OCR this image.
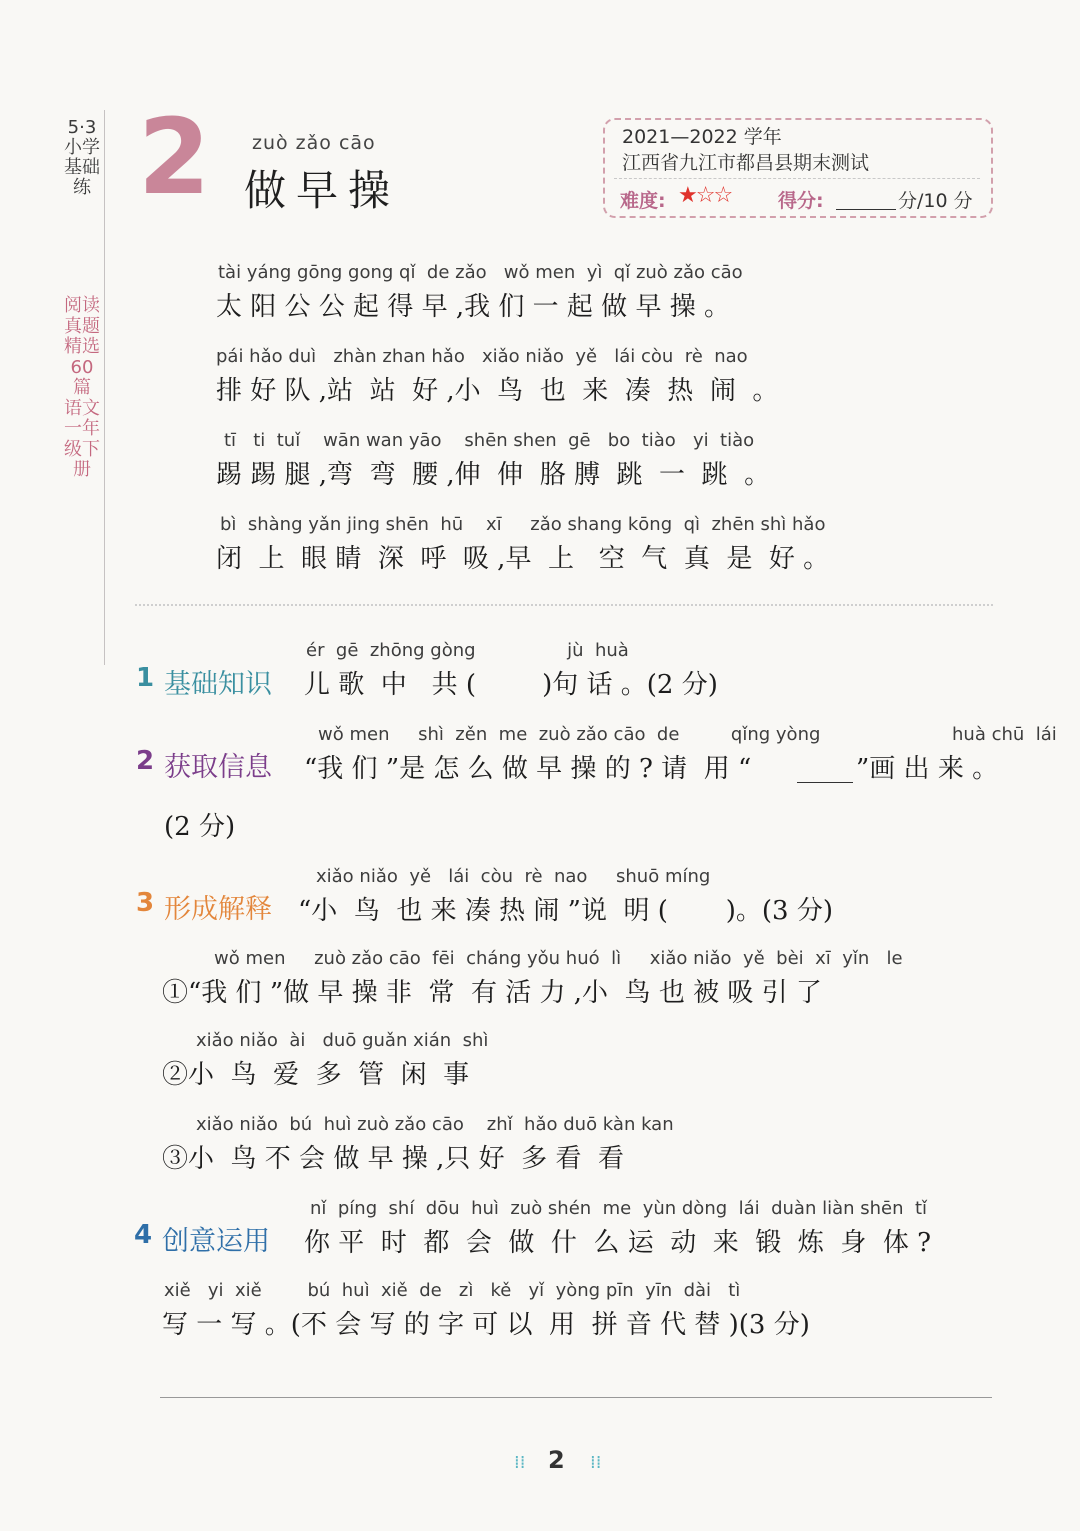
5·3小学基础练
阅读真题精选60篇 语文 一年级下册
2 zuò zǎo cāo
做早操
2021—2022 学年
江西省九江市都昌县期末测试
难度: ★☆☆ 得分:	分/10 分
tài yáng gōng gong qǐ  de zǎo   wǒ men  yì  qǐ zuò zǎo cāo
太 阳 公 公 起 得 早 ,我 们 一 起 做 早 操 。
pái hǎo duì   zhàn zhan hǎo   xiǎo niǎo  yě   lái còu  rè  nao
排 好 队 ,站  站  好 ,小  鸟  也  来  凑  热  闹  。
tī   ti  tuǐ    wān wan yāo    shēn shen  gē   bo  tiào   yi  tiào
踢 踢 腿 ,弯  弯  腰 ,伸  伸  胳 膊  跳  一  跳  。
bì  shàng yǎn jing shēn  hū    xī     zǎo shang kōng  qì  zhēn shì hǎo
闭  上  眼 睛  深  呼  吸 ,早  上   空  气  真  是  好 。
ér  gē  zhōng gòng                jù  huà
1 基础知识 儿 歌  中   共 (        )句 话 。(2 分)
wǒ men     shì  zěn  me  zuò zǎo cāo  de         qǐng yòng                       huà chū  lái
2 获取信息 “我 们 ”是 怎 么 做 早 操 的 ? 请  用 “	”画 出 来 。
(2 分)
xiǎo niǎo  yě   lái  còu  rè  nao     shuō míng
3 形成解释 “小  鸟  也 来 凑 热 闹 ”说  明 (       )。(3 分)
wǒ men     zuò zǎo cāo  fēi  cháng yǒu huó  lì     xiǎo niǎo  yě  bèi  xī  yǐn   le
①“我 们 ”做 早 操 非  常  有 活 力 ,小  鸟 也 被 吸 引 了
xiǎo niǎo  ài   duō guǎn xián  shì
②小  鸟  爱  多  管  闲  事
xiǎo niǎo  bú  huì zuò zǎo cāo    zhǐ  hǎo duō kàn kan
③小  鸟 不 会 做 早 操 ,只 好  多 看  看
nǐ  píng  shí  dōu  huì  zuò shén  me  yùn dòng  lái  duàn liàn shēn  tǐ
4 创意运用 你 平  时  都  会  做  什  么 运  动  来  锻  炼  身  体 ?
xiě   yi  xiě        bú  huì  xiě  de   zì   kě   yǐ  yòng pīn  yīn  dài   tì
写 一 写 。(不 会 写 的 字 可 以  用  拼 音 代 替 )(3 分)
⁞⁞ 2 ⁞⁞
